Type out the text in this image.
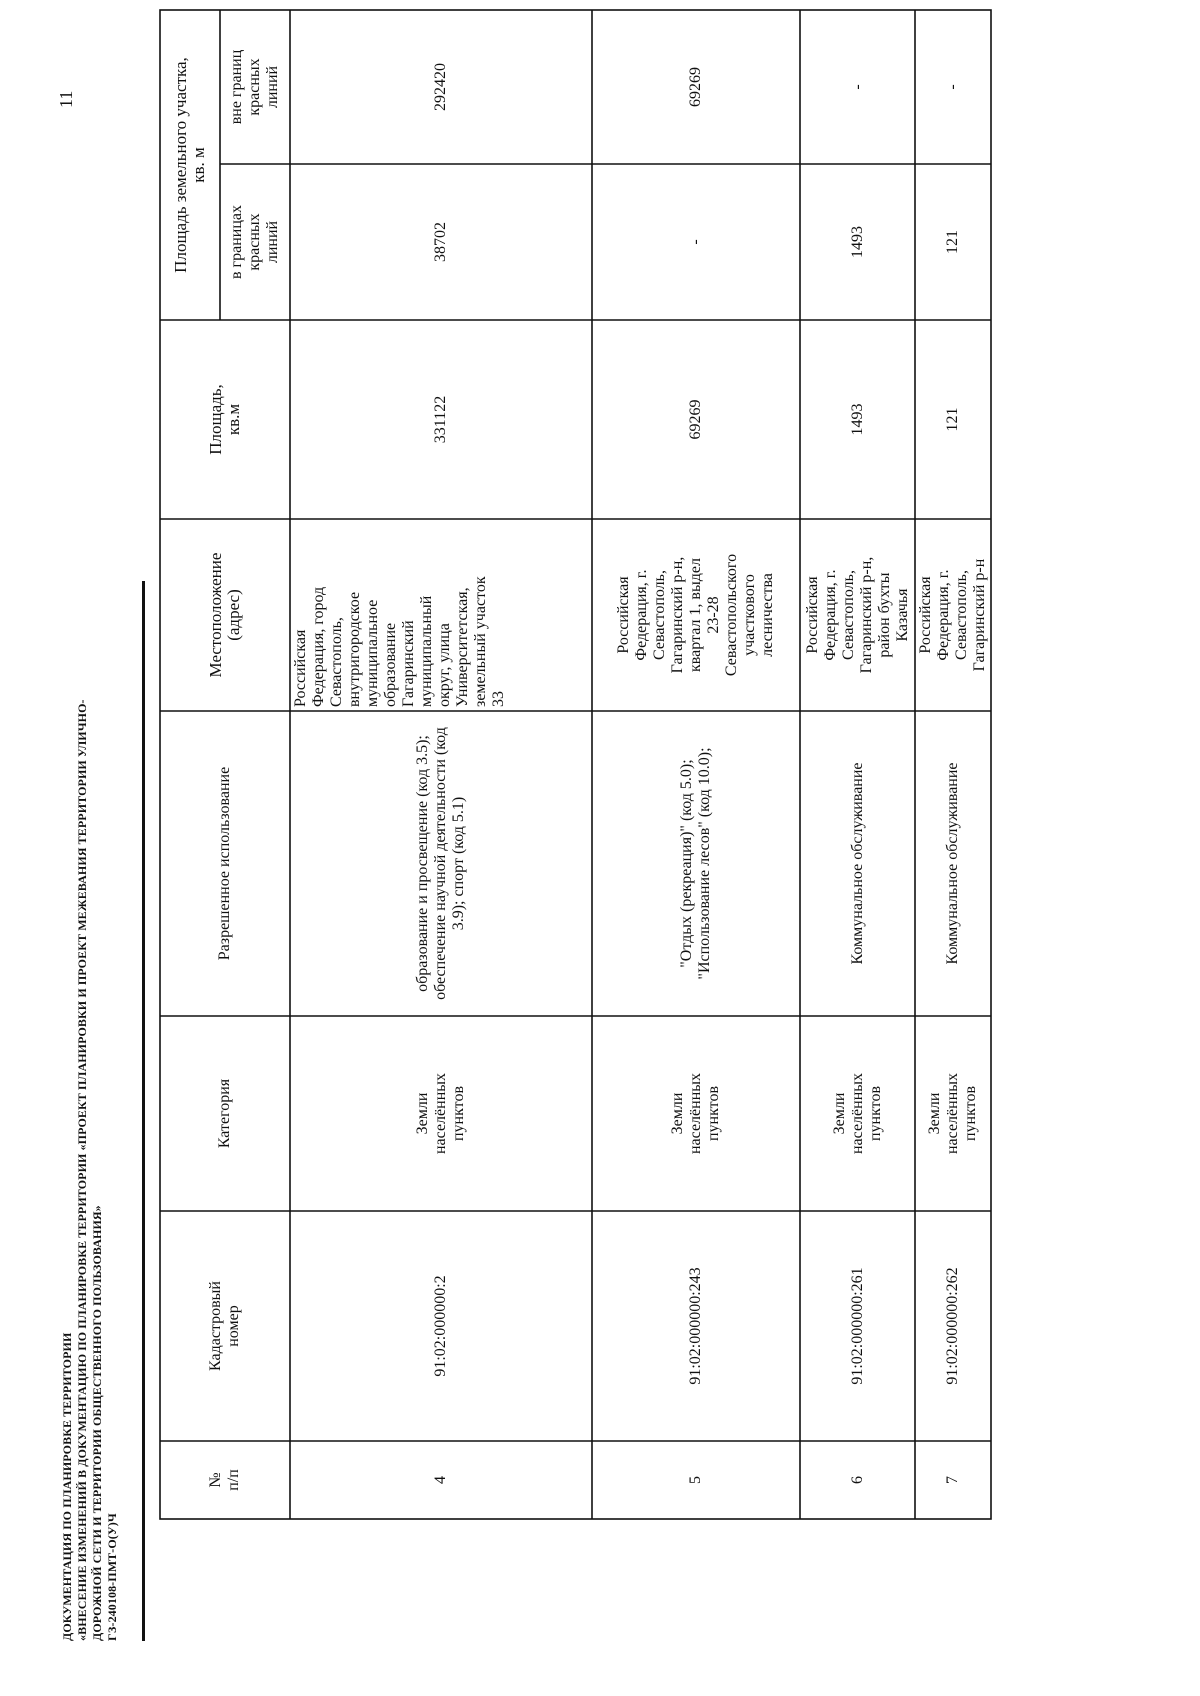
ДОКУМЕНТАЦИЯ ПО ПЛАНИРОВКЕ ТЕРРИТОРИИ «ВНЕСЕНИЕ ИЗМЕНЕНИЙ В ДОКУМЕНТАЦИЮ ПО ПЛАНИРОВКЕ ТЕРРИТОРИИ «ПРОЕКТ ПЛАНИРОВКИ И ПРОЕКТ МЕЖЕВАНИЯ ТЕРРИТОРИИ УЛИЧНО- ДОРОЖНОЙ СЕТИ И ТЕРРИТОРИИ ОБЩЕСТВЕННОГО ПОЛЬЗОВАНИЯ» ГЗ-240108-ПМТ-О(У)Ч
11
№
п/п
Кадастровый
номер
Категория
Разрешенное использование
Местоположение
(адрес)
Площадь,
кв.м
Площадь земельного участка,
кв. м
в границах
красных
линий
вне границ
красных
линий
4
91:02:000000:2
Земли
населённых
пунктов
образование и просвещение (код 3.5); обеспечение научной деятельности (код 3.9); спорт (код 5.1)
Российская
Федерация, город
Севастополь,
внутригородское
муниципальное
образование
Гагаринский
муниципальный
округ, улица
Университетская,
земельный участок
33
331122
38702
292420
5
91:02:000000:243
Земли
населённых
пунктов
"Отдых (рекреация)" (код 5.0); "Использование лесов" (код 10.0);
Российская
Федерация, г.
Севастополь,
Гагаринский р-н,
квартал 1, выдел
23-28
Севастопольского
участкового
лесничества
69269
-
69269
6
91:02:000000:261
Земли
населённых
пунктов
Коммунальное обслуживание
Российская
Федерация, г.
Севастополь,
Гагаринский р-н,
район бухты
Казачья
1493
1493
-
7
91:02:000000:262
Земли
населённых
пунктов
Коммунальное обслуживание
Российская
Федерация, г.
Севастополь,
Гагаринский р-н
121
121
-
